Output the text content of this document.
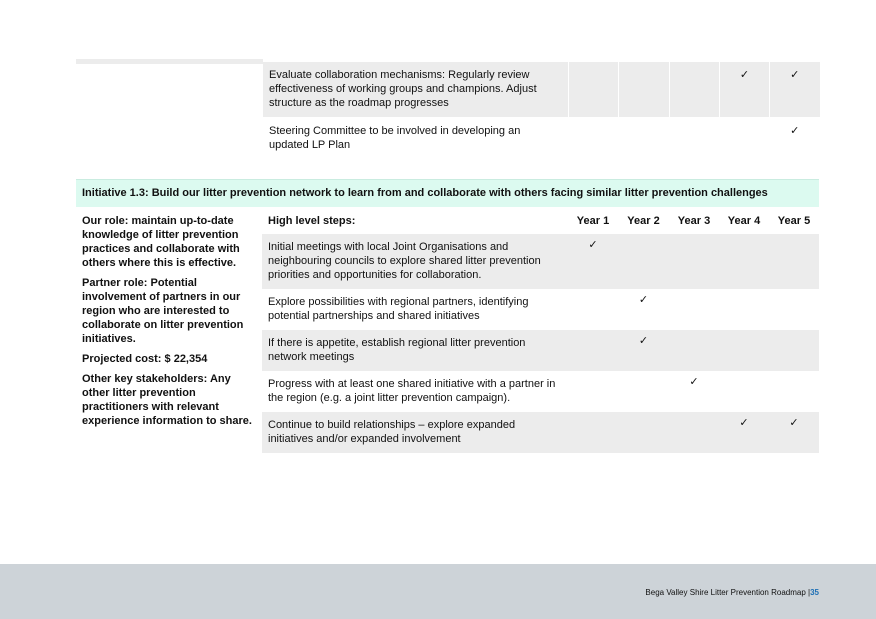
	Evaluate collaboration mechanisms: Regularly review effectiveness of working groups and champions. Adjust structure as the roadmap progresses				✓	✓

	Steering Committee to be involved in developing an updated LP Plan					✓
Initiative 1.3: Build our litter prevention network to learn from and collaborate with others facing similar litter prevention challenges						

Our role: maintain up-to-date knowledge of litter prevention practices and collaborate with others where this is effective.

Partner role: Potential involvement of partners in our region who are interested to collaborate on litter prevention initiatives.

Projected cost: $ 22,354

Other key stakeholders: Any other litter prevention practitioners with relevant experience information to share.	High level steps:	Year 1	Year 2	Year 3	Year 4	Year 5

	Initial meetings with local Joint Organisations and neighbouring councils to explore shared litter prevention priorities and opportunities for collaboration.	✓				

	Explore possibilities with regional partners, identifying potential partnerships and shared initiatives		✓			

	If there is appetite, establish regional litter prevention network meetings		✓			

	Progress with at least one shared initiative with a partner in the region (e.g. a joint litter prevention campaign).			✓		

	Continue to build relationships – explore expanded initiatives and/or expanded involvement				✓	✓
Bega Valley Shire Litter Prevention Roadmap |35
